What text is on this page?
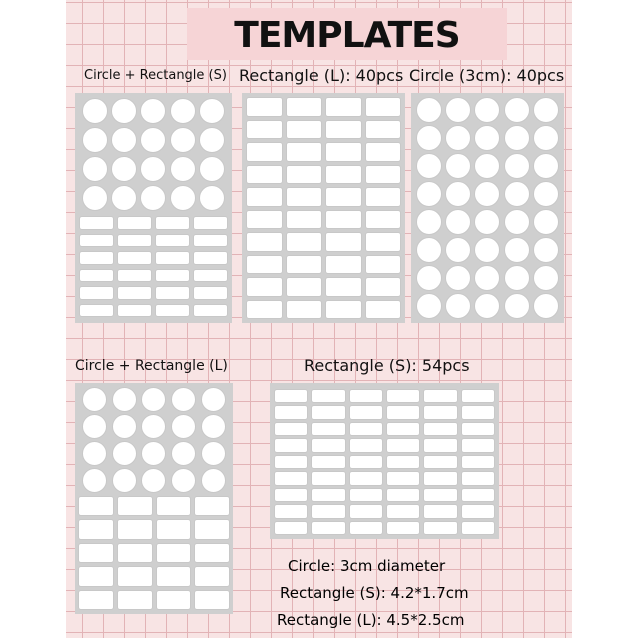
TEMPLATES
Circle + Rectangle (S) Rectangle (L): 40pcs Circle (3cm): 40pcs
Circle + Rectangle (L)	Rectangle (S): 54pcs
Circle: 3cm diameter
Rectangle (S): 4.2*1.7cm
Rectangle (L): 4.5*2.5cm
